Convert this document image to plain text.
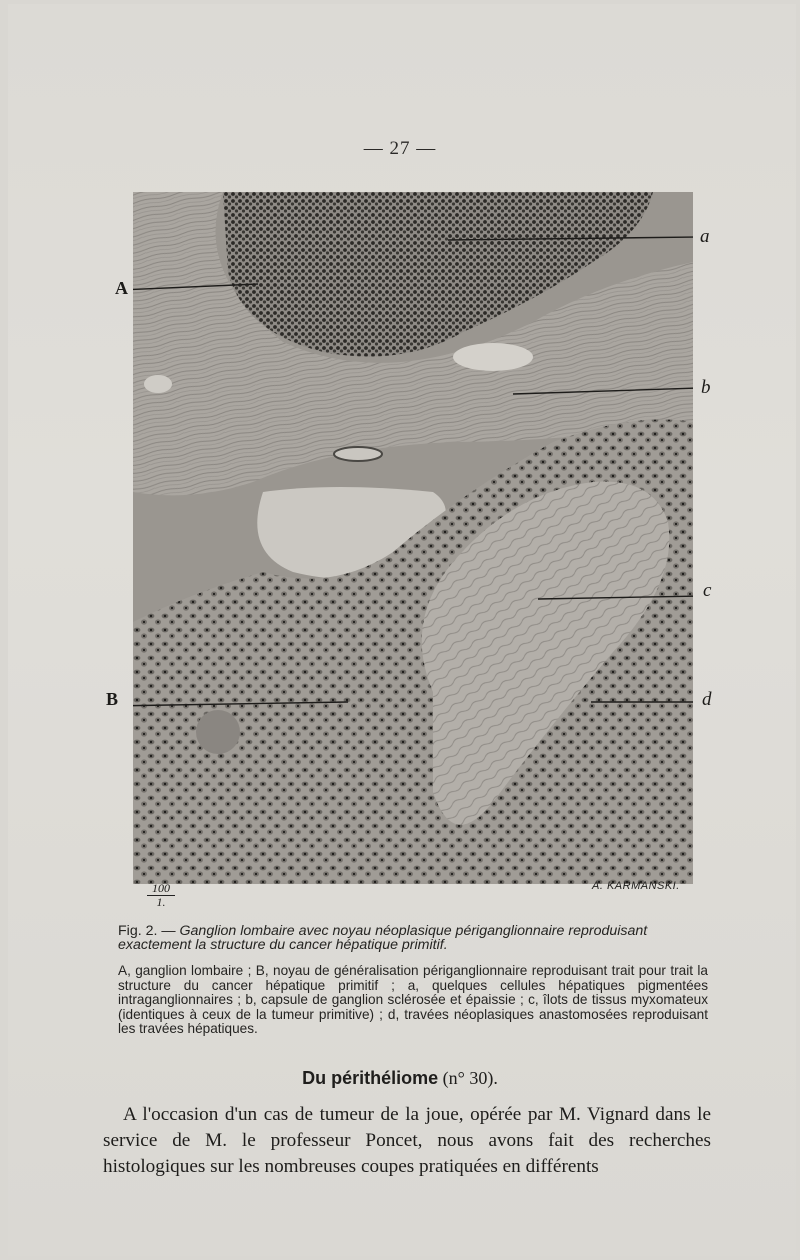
— 27 —
A
a
b
c
B	d
$\frac{100}{1.}$	A. KARMANSKI.
Fig. 2. — Ganglion lombaire avec noyau néoplasique périganglionnaire reproduisant exactement la structure du cancer hépatique primitif.
A, ganglion lombaire ; B, noyau de généralisation périganglionnaire reproduisant trait pour trait la structure du cancer hépatique primitif ; a, quelques cellules hépatiques pigmentées intraganglionnaires ; b, capsule de ganglion sclérosée et épaissie ; c, îlots de tissus myxomateux (identiques à ceux de la tumeur primitive) ; d, travées néoplasiques anastomosées reproduisant les travées hépatiques.
Du périthéliome (n° 30).

A l'occasion d'un cas de tumeur de la joue, opérée par M. Vignard dans le service de M. le professeur Poncet, nous avons fait des recherches histologiques sur les nombreuses coupes pratiquées en différents
